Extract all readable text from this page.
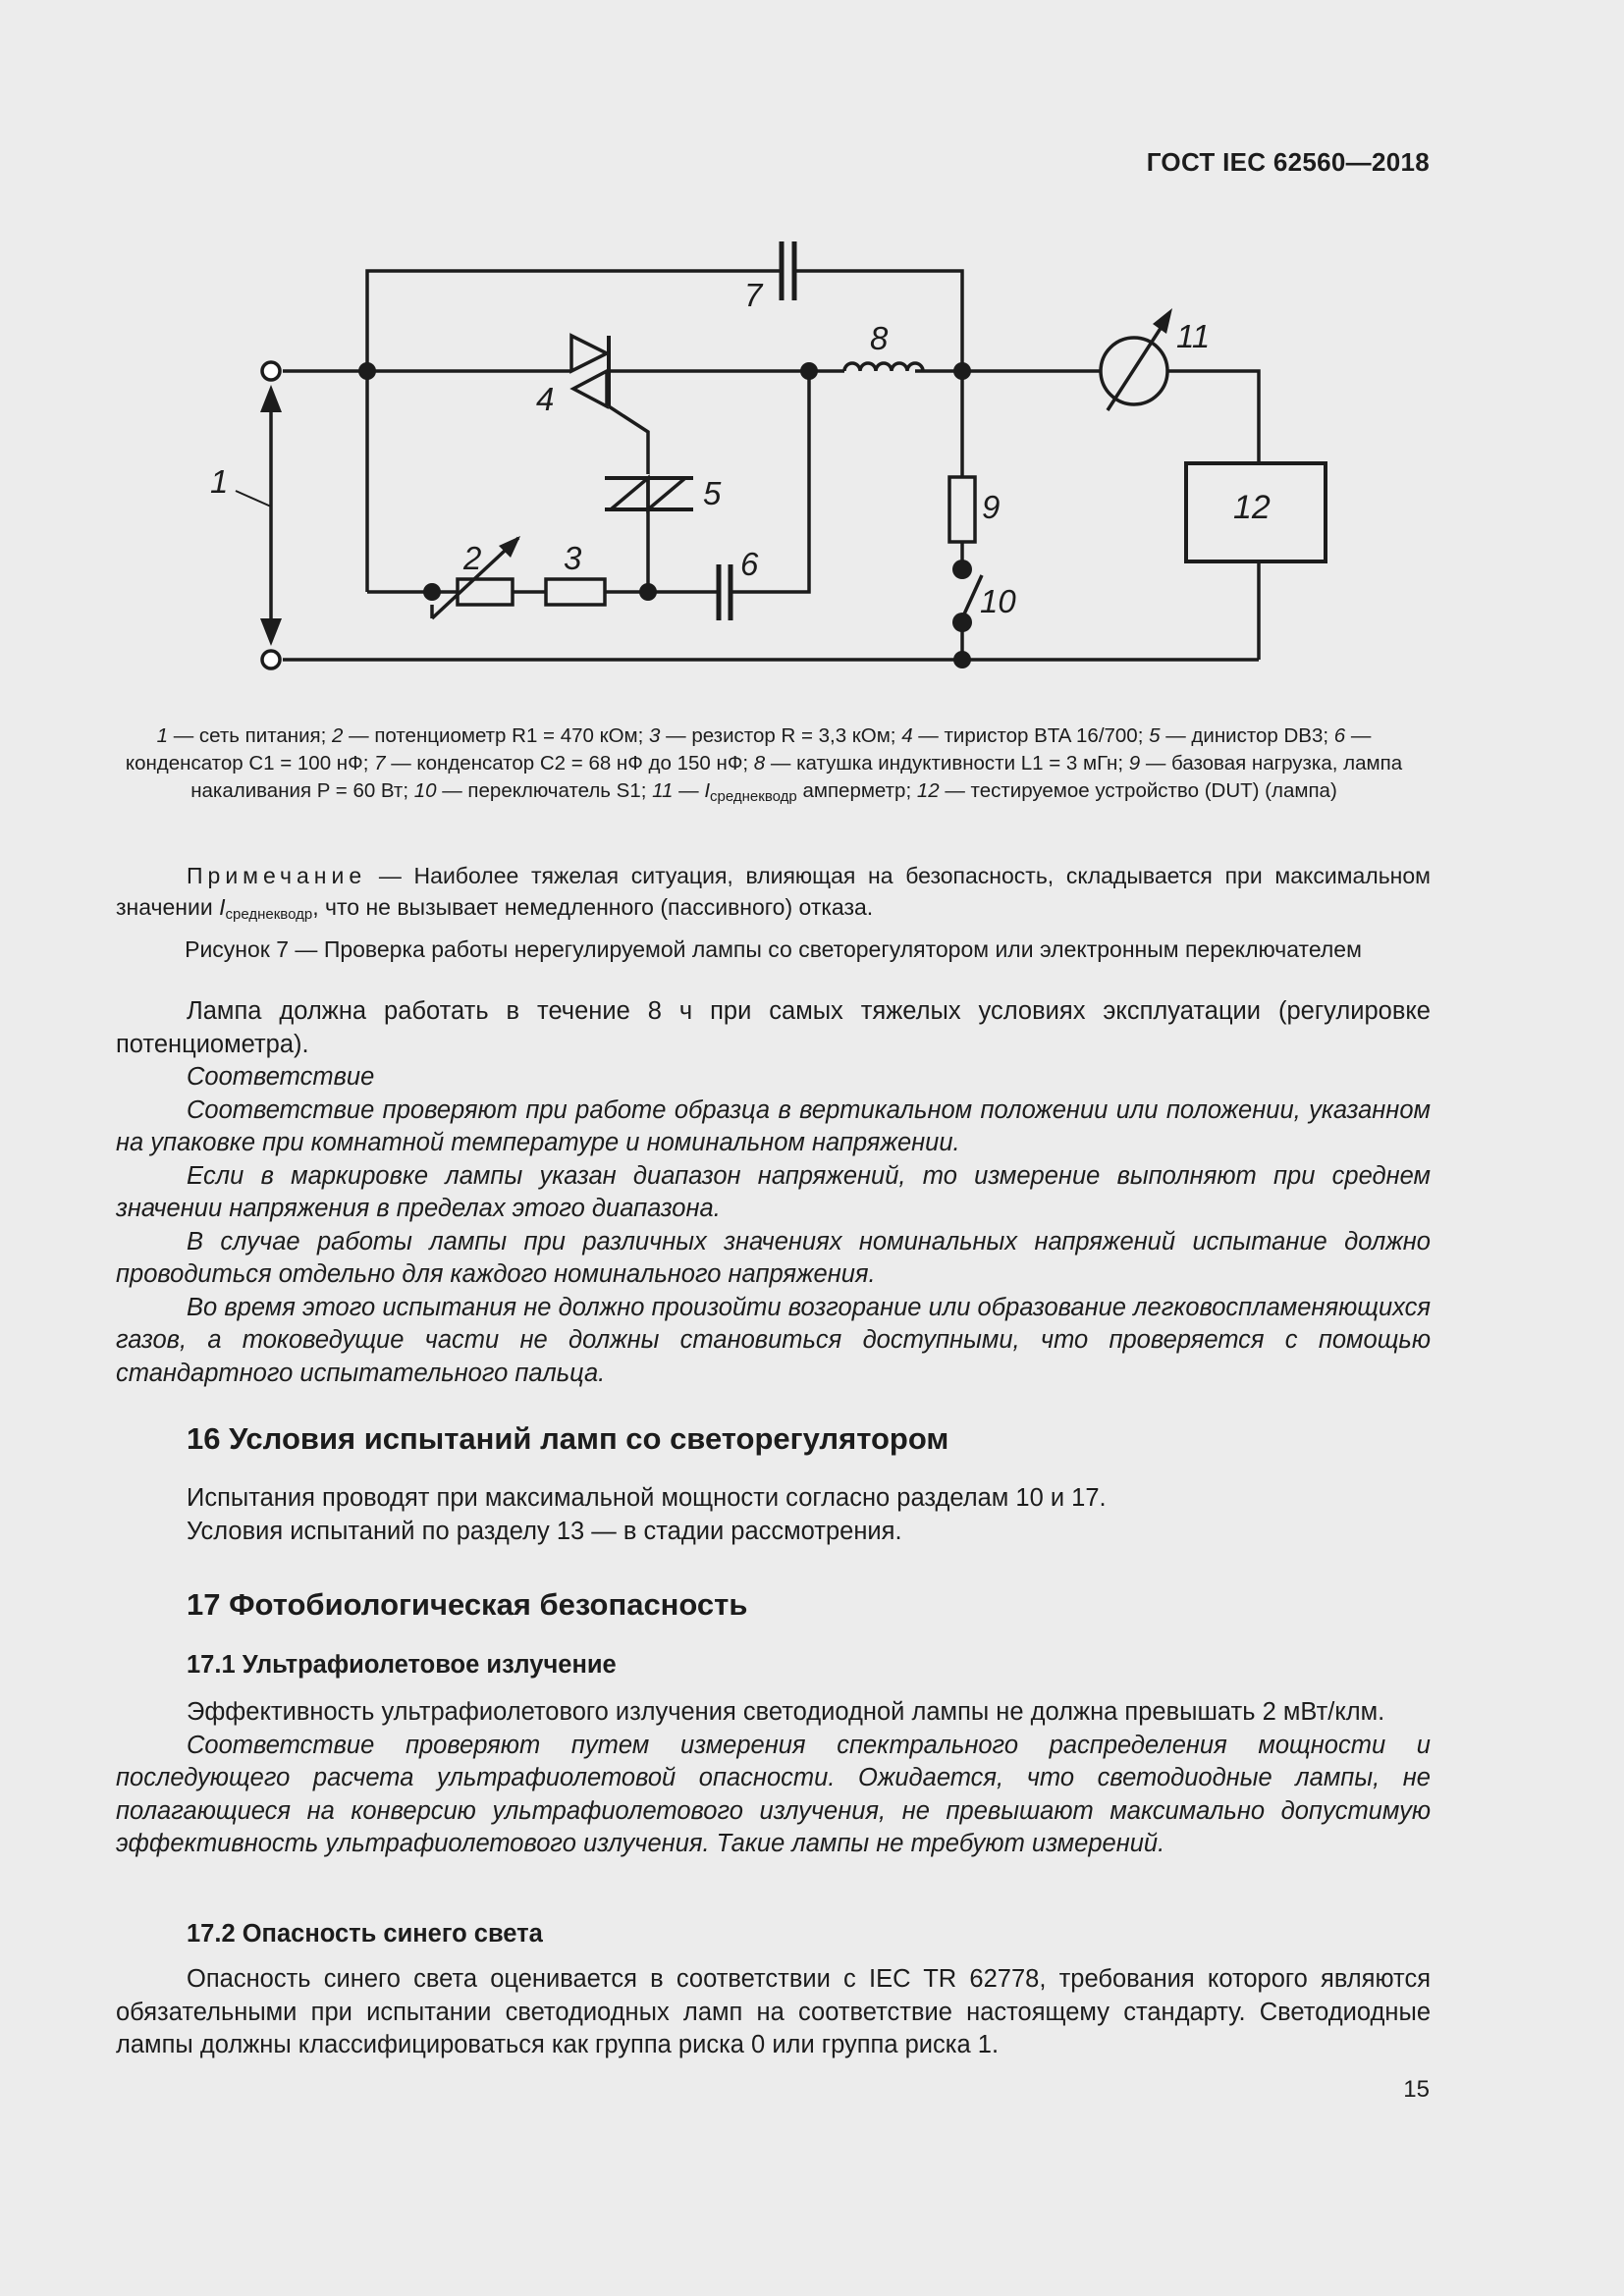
ГОСТ IEC 62560—2018
1
2	3
4
5
6
7
8
9
10
11
12
1 — сеть питания; 2 — потенциометр R1 = 470 кОм; 3 — резистор R = 3,3 кОм; 4 — тиристор BTA 16/700; 5 — динистор DB3; 6 — конденсатор С1 = 100 нФ; 7 — конденсатор С2 = 68 нФ до 150 нФ; 8 — катушка индуктивности L1 = 3 мГн; 9 — базовая нагрузка, лампа накаливания P = 60 Вт; 10 — переключатель S1; 11 — $I_{среднекводр}$ амперметр; 12 — тестируемое устройство (DUT) (лампа)
Примечание — Наиболее тяжелая ситуация, влияющая на безопасность, складывается при максимальном значении $I_{среднекводр}$, что не вызывает немедленного (пассивного) отказа.
Рисунок 7 — Проверка работы нерегулируемой лампы со светорегулятором или электронным переключателем

Лампа должна работать в течение 8 ч при самых тяжелых условиях эксплуатации (регулировке потенциометра).

Соответствие

Соответствие проверяют при работе образца в вертикальном положении или положении, указанном на упаковке при комнатной температуре и номинальном напряжении.

Если в маркировке лампы указан диапазон напряжений, то измерение выполняют при среднем значении напряжения в пределах этого диапазона.

В случае работы лампы при различных значениях номинальных напряжений испытание должно проводиться отдельно для каждого номинального напряжения.

Во время этого испытания не должно произойти возгорание или образование легковоспламеняющихся газов, а токоведущие части не должны становиться доступными, что проверяется с помощью стандартного испытательного пальца.

16 Условия испытаний ламп со светорегулятором

Испытания проводят при максимальной мощности согласно разделам 10 и 17.

Условия испытаний по разделу 13 — в стадии рассмотрения.

17 Фотобиологическая безопасность
17.1 Ультрафиолетовое излучение

Эффективность ультрафиолетового излучения светодиодной лампы не должна превышать 2 мВт/клм.

Соответствие проверяют путем измерения спектрального распределения мощности и последующего расчета ультрафиолетовой опасности. Ожидается, что светодиодные лампы, не полагающиеся на конверсию ультрафиолетового излучения, не превышают максимально допустимую эффективность ультрафиолетового излучения. Такие лампы не требуют измерений.

17.2 Опасность синего света

Опасность синего света оценивается в соответствии с IEC TR 62778, требования которого являются обязательными при испытании светодиодных ламп на соответствие настоящему стандарту. Светодиодные лампы должны классифицироваться как группа риска 0 или группа риска 1.

15
